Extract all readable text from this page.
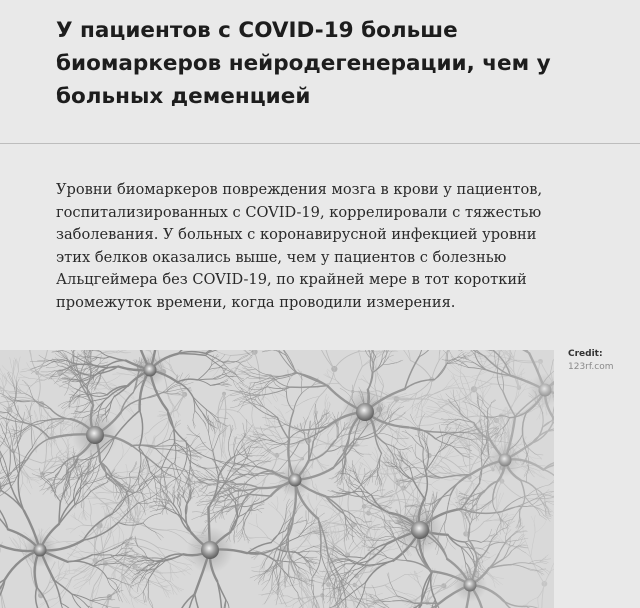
У пациентов с COVID-19 больше биомаркеров нейродегенерации, чем у больных деменцией

Уровни биомаркеров повреждения мозга в крови у пациентов, госпитализированных с COVID-19, коррелировали с тяжестью заболевания. У больных с коронавирусной инфекцией уровни этих белков оказались выше, чем у пациентов с болезнью Альцгеймера без COVID-19, по крайней мере в тот короткий промежуток времени, когда проводили измерения.

Credit:
123rf.com
